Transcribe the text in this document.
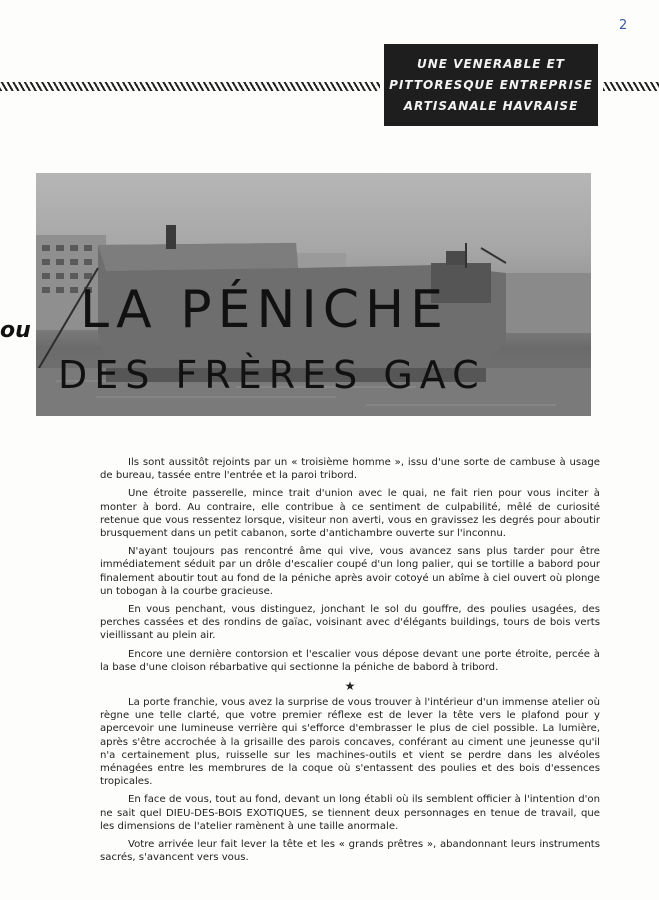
2
UNE VENERABLE ET
PITTORESQUE ENTREPRISE
ARTISANALE HAVRAISE
ou LA PÉNICHE
DES FRÈRES GAC

Ils sont aussitôt rejoints par un « troisième homme », issu d'une sorte de cambuse à usage de bureau, tassée entre l'entrée et la paroi tribord.

Une étroite passerelle, mince trait d'union avec le quai, ne fait rien pour vous inciter à monter à bord. Au contraire, elle contribue à ce sentiment de culpabilité, mêlé de curiosité retenue que vous ressentez lorsque, visiteur non averti, vous en gravissez les degrés pour aboutir brusquement dans un petit cabanon, sorte d'antichambre ouverte sur l'inconnu.

N'ayant toujours pas rencontré âme qui vive, vous avancez sans plus tarder pour être immédiatement séduit par un drôle d'escalier coupé d'un long palier, qui se tortille a babord pour finalement aboutir tout au fond de la péniche après avoir cotoyé un abîme à ciel ouvert où plonge un tobogan à la courbe gracieuse.

En vous penchant, vous distinguez, jonchant le sol du gouffre, des poulies usagées, des perches cassées et des rondins de gaïac, voisinant avec d'élégants buildings, tours de bois verts vieillissant au plein air.

Encore une dernière contorsion et l'escalier vous dépose devant une porte étroite, percée à la base d'une cloison rébarbative qui sectionne la péniche de babord à tribord.

★

La porte franchie, vous avez la surprise de vous trouver à l'intérieur d'un immense atelier où règne une telle clarté, que votre premier réflexe est de lever la tête vers le plafond pour y apercevoir une lumineuse verrière qui s'efforce d'embrasser le plus de ciel possible. La lumière, après s'être accrochée à la grisaille des parois concaves, conférant au ciment une jeunesse qu'il n'a certainement plus, ruisselle sur les machines-outils et vient se perdre dans les alvéoles ménagées entre les membrures de la coque où s'entassent des poulies et des bois d'essences tropicales.

En face de vous, tout au fond, devant un long établi où ils semblent officier à l'intention d'on ne sait quel DIEU-DES-BOIS EXOTIQUES, se tiennent deux personnages en tenue de travail, que les dimensions de l'atelier ramènent à une taille anormale.

Votre arrivée leur fait lever la tête et les « grands prêtres », abandonnant leurs instruments sacrés, s'avancent vers vous.
